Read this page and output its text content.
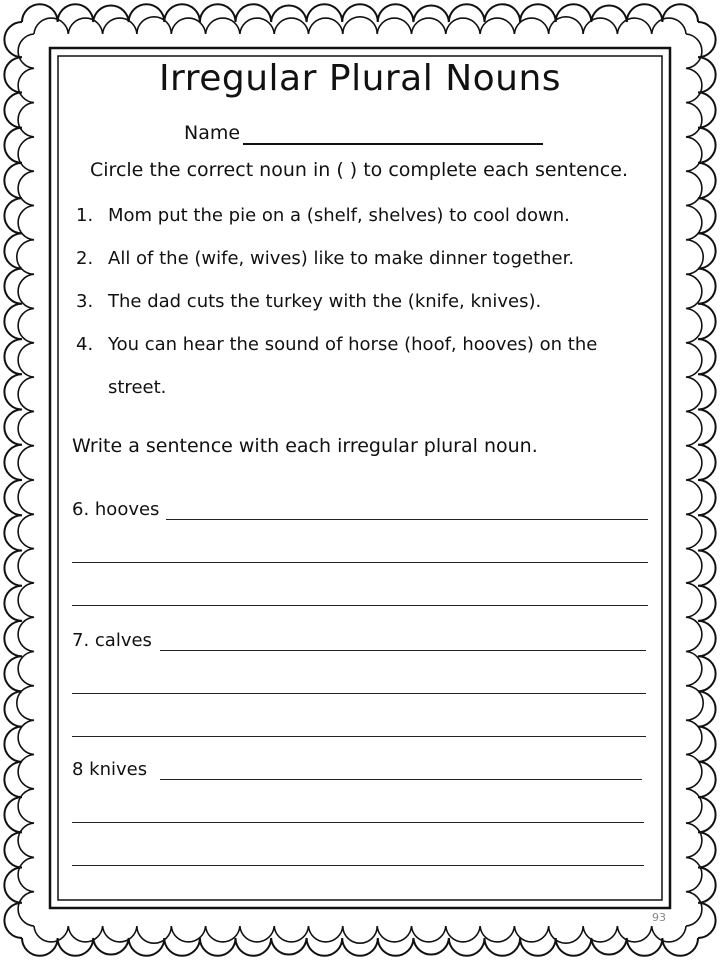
Irregular Plural Nouns
Name
Circle the correct noun in ( ) to complete each sentence.
1. Mom put the pie on a (shelf, shelves) to cool down.
2. All of the (wife, wives) like to make dinner together.
3. The dad cuts the turkey with the (knife, knives).
4. You can hear the sound of horse (hoof, hooves) on the
street.
Write a sentence with each irregular plural noun.
6. hooves
7. calves
8 knives
93
